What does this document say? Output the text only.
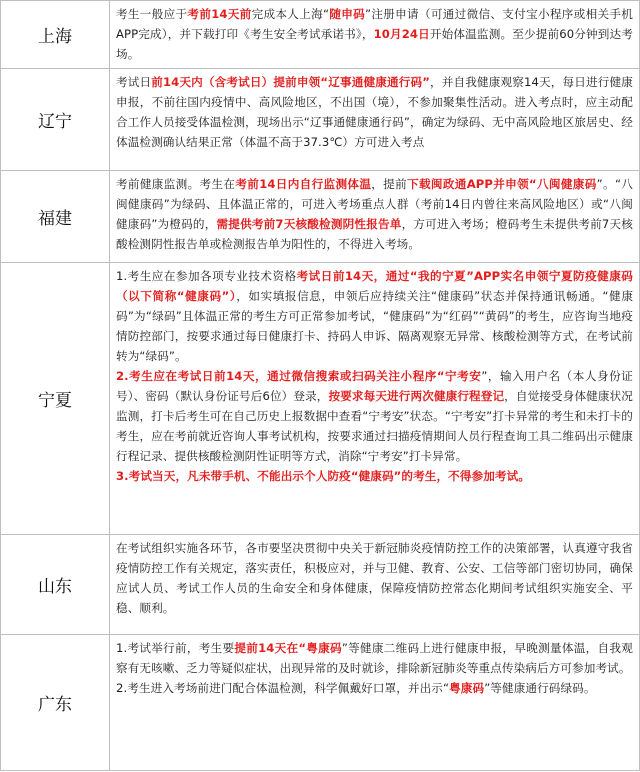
上海	考生一般应于考前14天前完成本人上海“随申码”注册申请（可通过微信、支付宝小程序或相关手机APP完成），并下载打印《考生安全考试承诺书》，10月24日开始体温监测。至少提前60分钟到达考场。

辽宁	考试日前14天内（含考试日）提前申领“辽事通健康通行码”，并自我健康观察14天，每日进行健康申报，不前往国内疫情中、高风险地区，不出国（境），不参加聚集性活动。进入考点时，应主动配合工作人员接受体温检测，现场出示“辽事通健康通行码”，确定为绿码、无中高风险地区旅居史、经体温检测确认结果正常（体温不高于37.3℃）方可进入考点

福建	考前健康监测。考生在考前14日内自行监测体温，提前下载闽政通APP并申领“八闽健康码”。“八闽健康码”为绿码、且体温正常的，可进入考场重点人群（考前14日内曾往来高风险地区）或“八闽健康码”为橙码的，需提供考前7天核酸检测阴性报告单，方可进入考场；橙码考生未提供考前7天核酸检测阴性报告单或检测报告单为阳性的，不得进入考场。

宁夏	1.考生应在参加各项专业技术资格考试日前14天，通过“我的宁夏”APP实名申领宁夏防疫健康码（以下简称“健康码”），如实填报信息，申领后应持续关注“健康码”状态并保持通讯畅通。“健康码”为“绿码”且体温正常的考生方可正常参加考试，“健康码”为“红码”“黄码”的考生，应咨询当地疫情防控部门，按要求通过每日健康打卡、持码人申诉、隔离观察无异常、核酸检测等方式，在考试前转为“绿码”。
2.考生应在考试日前14天，通过微信搜索或扫码关注小程序“宁考安”，输入用户名（本人身份证号）、密码（默认身份证号后6位）登录，按要求每天进行两次健康行程登记，自觉接受身体健康状况监测，打卡后考生可在自己历史上报数据中查看“宁考安”状态。“宁考安”打卡异常的考生和未打卡的考生，应在考前就近咨询人事考试机构，按要求通过扫描疫情期间人员行程查询工具二维码出示健康行程记录、提供核酸检测阴性证明等方式，消除“宁考安”打卡异常。
3.考试当天，凡未带手机、不能出示个人防疫“健康码”的考生，不得参加考试。

山东	在考试组织实施各环节，各市要坚决贯彻中央关于新冠肺炎疫情防控工作的决策部署，认真遵守我省疫情防控工作有关规定，落实责任，积极应对，并与卫健、教育、公安、工信等部门密切协同，确保应试人员、考试工作人员的生命安全和身体健康，保障疫情防控常态化期间考试组织实施安全、平稳、顺利。

广东	1.考试举行前，考生要提前14天在“粤康码”等健康二维码上进行健康申报，早晚测量体温，自我观察有无咳嗽、乏力等疑似症状，出现异常的及时就诊，排除新冠肺炎等重点传染病后方可参加考试。
2.考生进入考场前进门配合体温检测，科学佩戴好口罩，并出示“粤康码”等健康通行码绿码。
